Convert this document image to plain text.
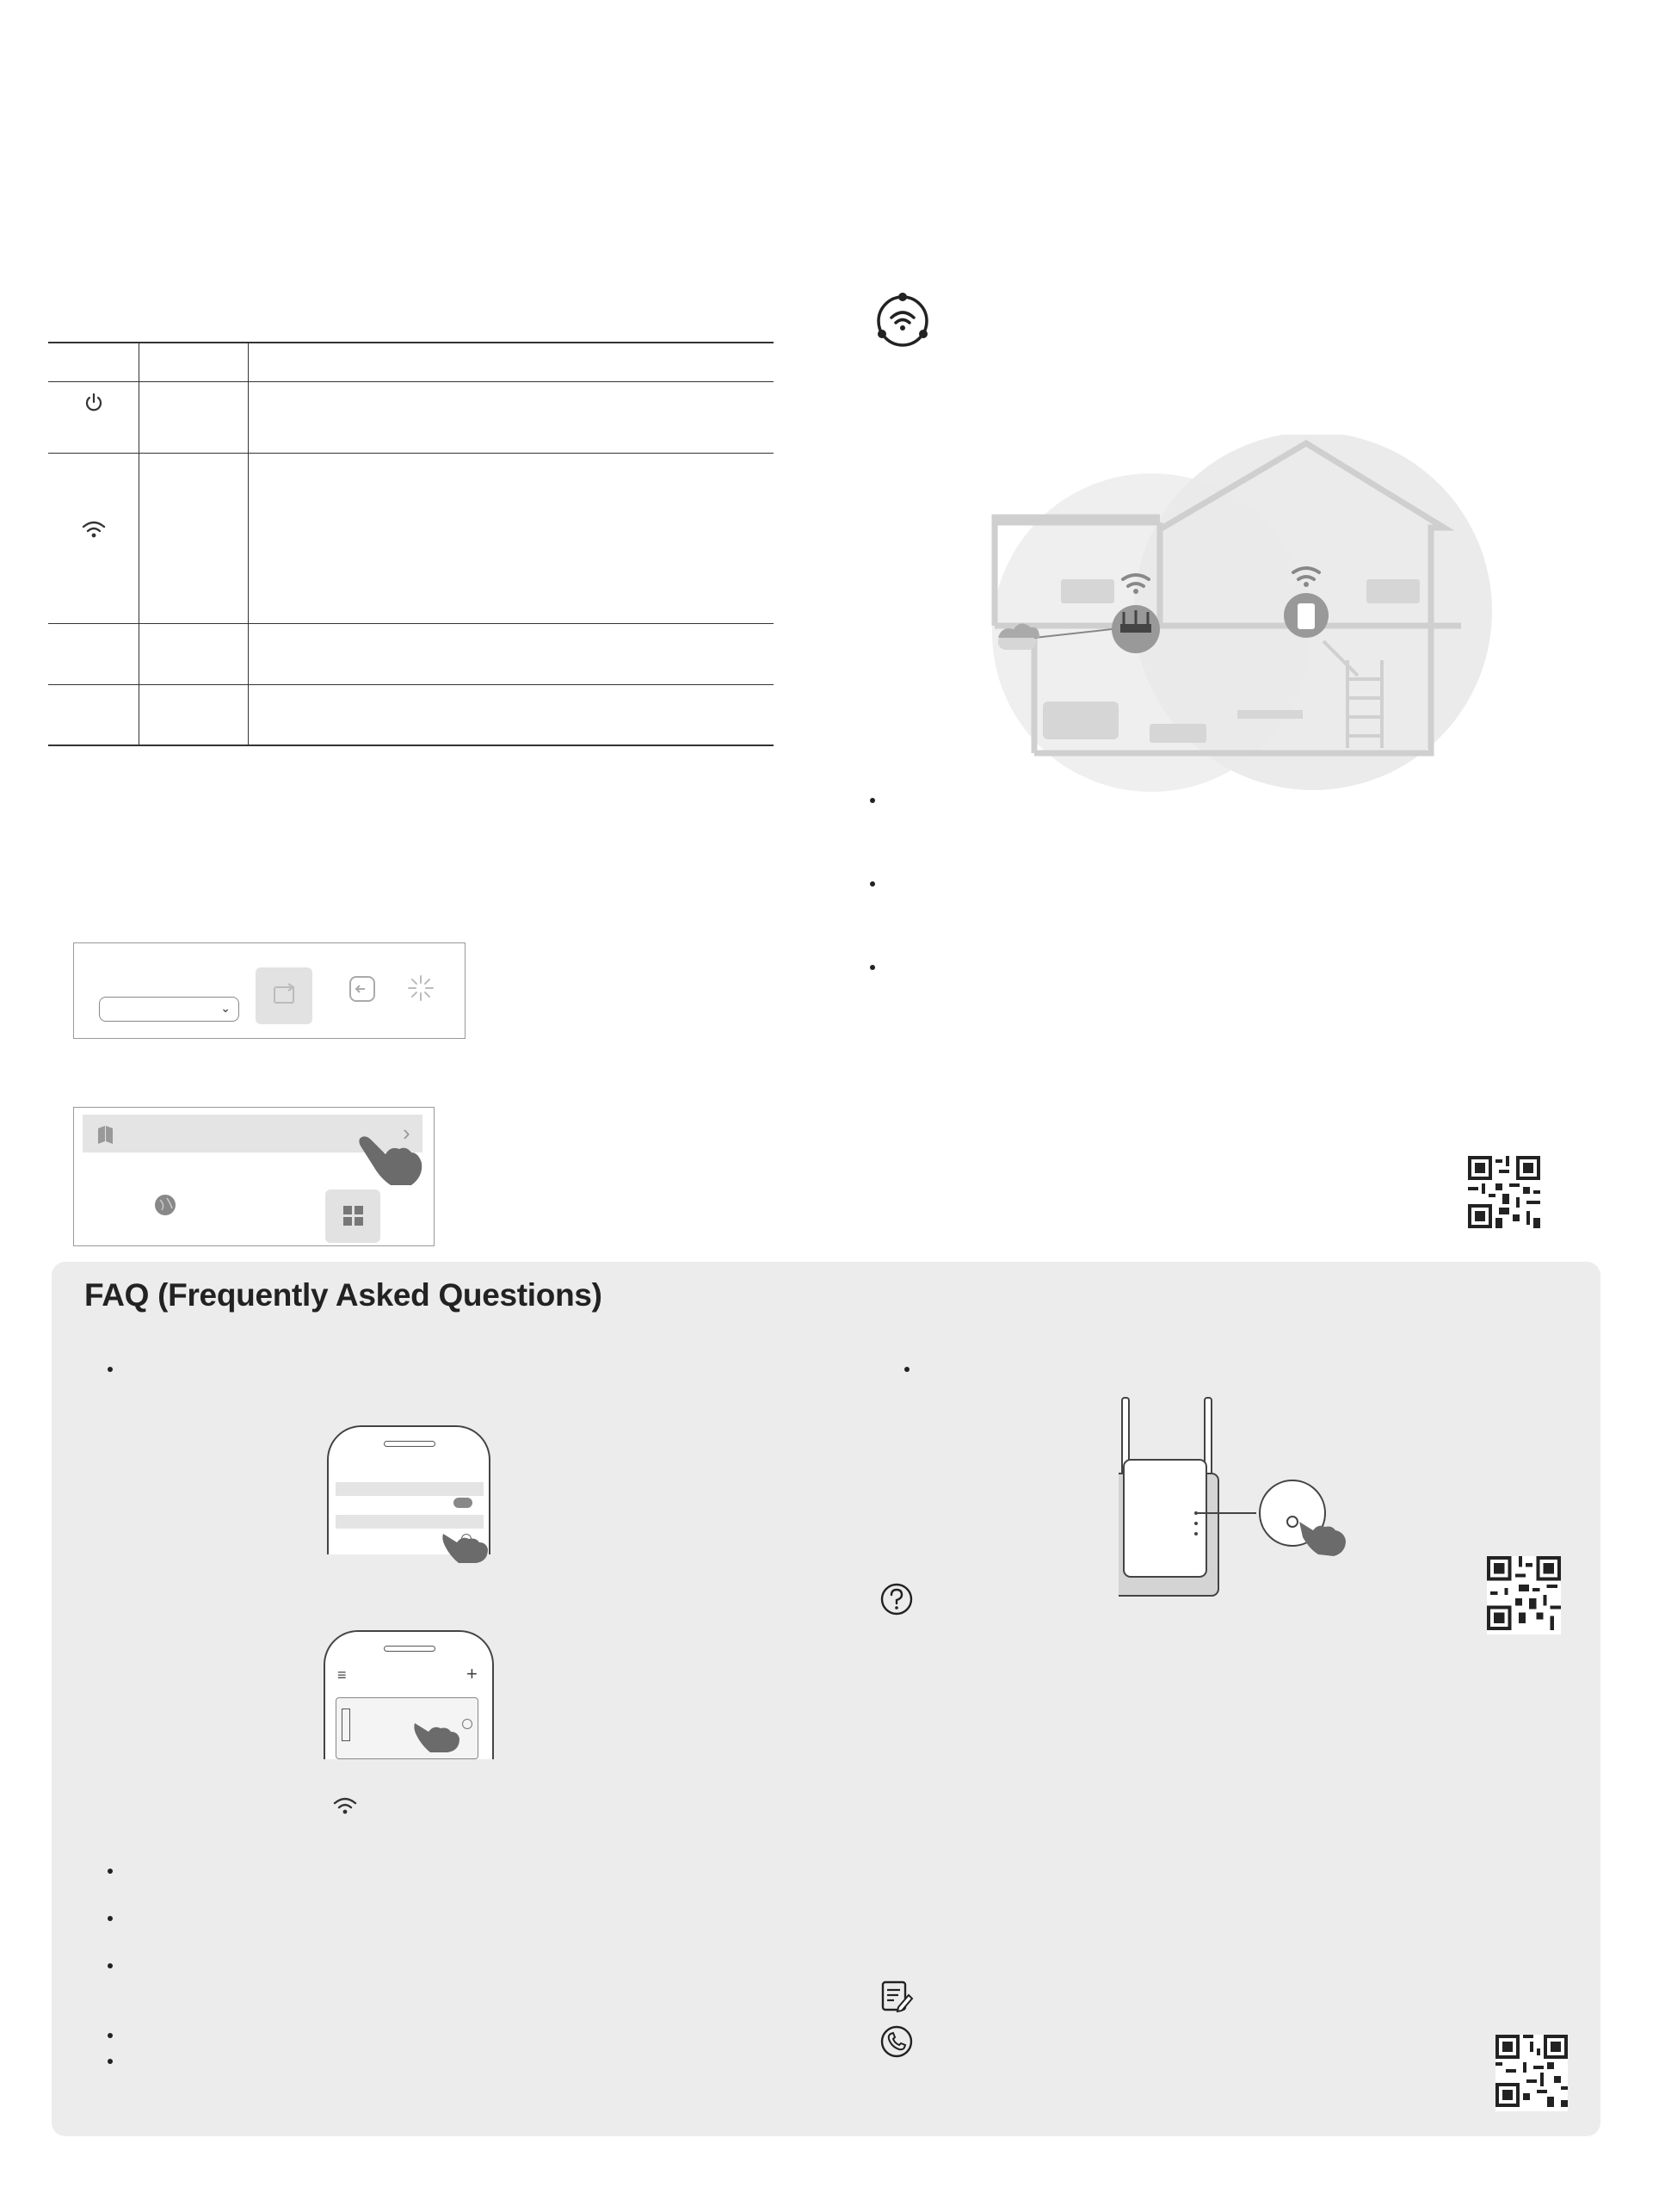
⌄
›
FAQ (Frequently Asked Questions)
≡	+
